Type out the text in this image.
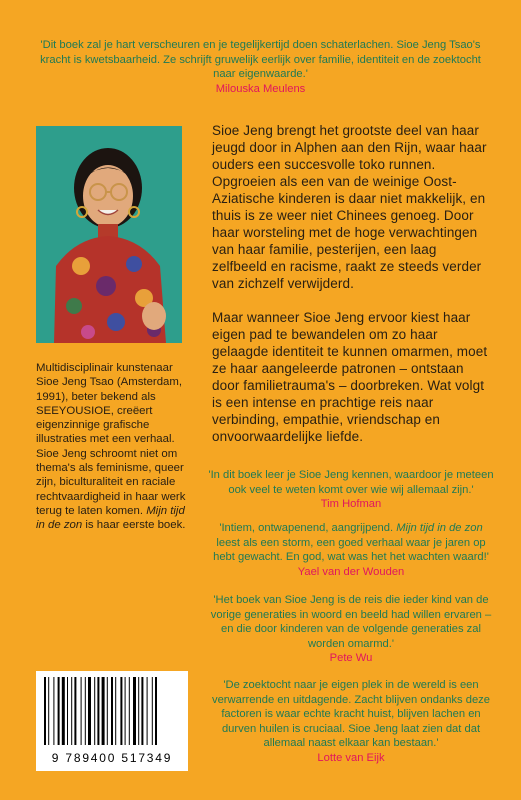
'Dit boek zal je hart verscheuren en je tegelijkertijd doen schaterlachen. Sioe Jeng Tsao's kracht is kwetsbaarheid. Ze schrijft gruwelijk eerlijk over familie, identiteit en de zoektocht naar eigenwaarde.'
Milouska Meulens

Sioe Jeng brengt het grootste deel van haar jeugd door in Alphen aan den Rijn, waar haar ouders een succesvolle toko runnen. Opgroeien als een van de weinige Oost-Aziatische kinderen is daar niet makkelijk, en thuis is ze weer niet Chinees genoeg. Door haar worsteling met de hoge verwachtingen van haar familie, pesterijen, een laag zelfbeeld en racisme, raakt ze steeds verder van zichzelf verwijderd.

Maar wanneer Sioe Jeng ervoor kiest haar eigen pad te bewandelen om zo haar gelaagde identiteit te kunnen omarmen, moet ze haar aangeleerde patronen – ontstaan door familietrauma's – doorbreken. Wat volgt is een intense en prachtige reis naar verbinding, empathie, vriendschap en onvoorwaardelijke liefde.

Multidisciplinair kunstenaar Sioe Jeng Tsao (Amsterdam, 1991), beter bekend als SEEYOUSIOE, creëert eigenzinnige grafische illustraties met een verhaal. Sioe Jeng schroomt niet om thema's als feminisme, queer zijn, biculturaliteit en raciale rechtvaardigheid in haar werk terug te laten komen. Mijn tijd in de zon is haar eerste boek.
'In dit boek leer je Sioe Jeng kennen, waardoor je meteen ook veel te weten komt over wie wij allemaal zijn.'
Tim Hofman
'Intiem, ontwapenend, aangrijpend. Mijn tijd in de zon leest als een storm, een goed verhaal waar je jaren op hebt gewacht. En god, wat was het het wachten waard!'
Yael van der Wouden
'Het boek van Sioe Jeng is de reis die ieder kind van de vorige generaties in woord en beeld had willen ervaren – en die door kinderen van de volgende generaties zal worden omarmd.'
Pete Wu
'De zoektocht naar je eigen plek in de wereld is een verwarrende en uitdagende. Zacht blijven ondanks deze factoren is waar echte kracht huist, blijven lachen en durven huilen is cruciaal. Sioe Jeng laat zien dat dat allemaal naast elkaar kan bestaan.'
Lotte van Eijk
9 789400 517349
